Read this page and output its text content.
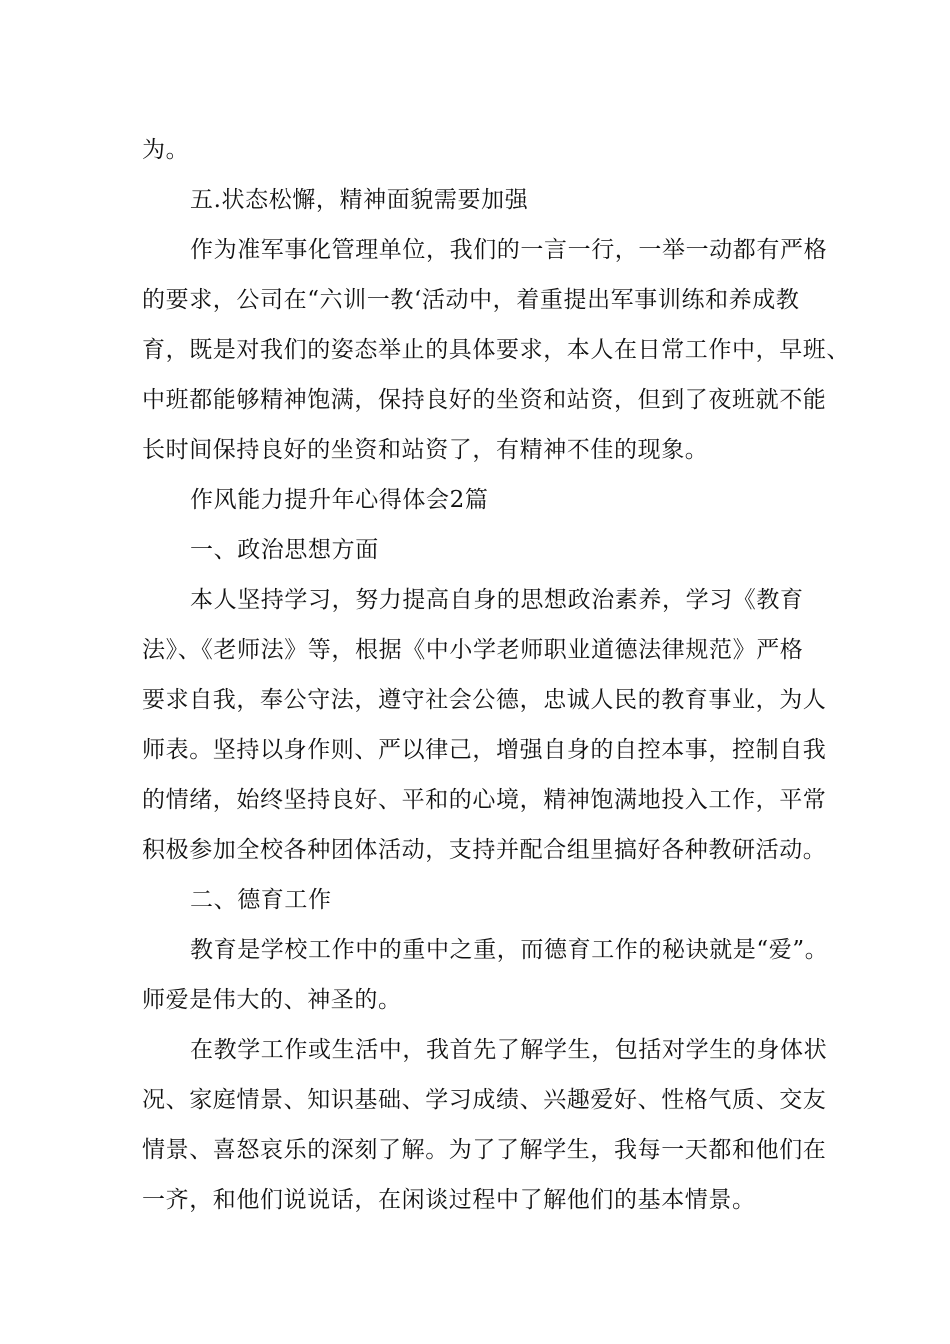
为。
五.状态松懈，精神面貌需要加强
作为准军事化管理单位，我们的一言一行，一举一动都有严格
的要求，公司在“六训一教‘活动中，着重提出军事训练和养成教
育，既是对我们的姿态举止的具体要求，本人在日常工作中，早班、
中班都能够精神饱满，保持良好的坐资和站资，但到了夜班就不能
长时间保持良好的坐资和站资了，有精神不佳的现象。
作风能力提升年心得体会2篇
一、政治思想方面
本人坚持学习，努力提高自身的思想政治素养，学习《教育
法》、《老师法》等，根据《中小学老师职业道德法律规范》严格
要求自我，奉公守法，遵守社会公德，忠诚人民的教育事业，为人
师表。坚持以身作则、严以律己，增强自身的自控本事，控制自我
的情绪，始终坚持良好、平和的心境，精神饱满地投入工作，平常
积极参加全校各种团体活动，支持并配合组里搞好各种教研活动。
二、德育工作
教育是学校工作中的重中之重，而德育工作的秘诀就是“爱”。
师爱是伟大的、神圣的。
在教学工作或生活中，我首先了解学生，包括对学生的身体状
况、家庭情景、知识基础、学习成绩、兴趣爱好、性格气质、交友
情景、喜怒哀乐的深刻了解。为了了解学生，我每一天都和他们在
一齐，和他们说说话，在闲谈过程中了解他们的基本情景。
